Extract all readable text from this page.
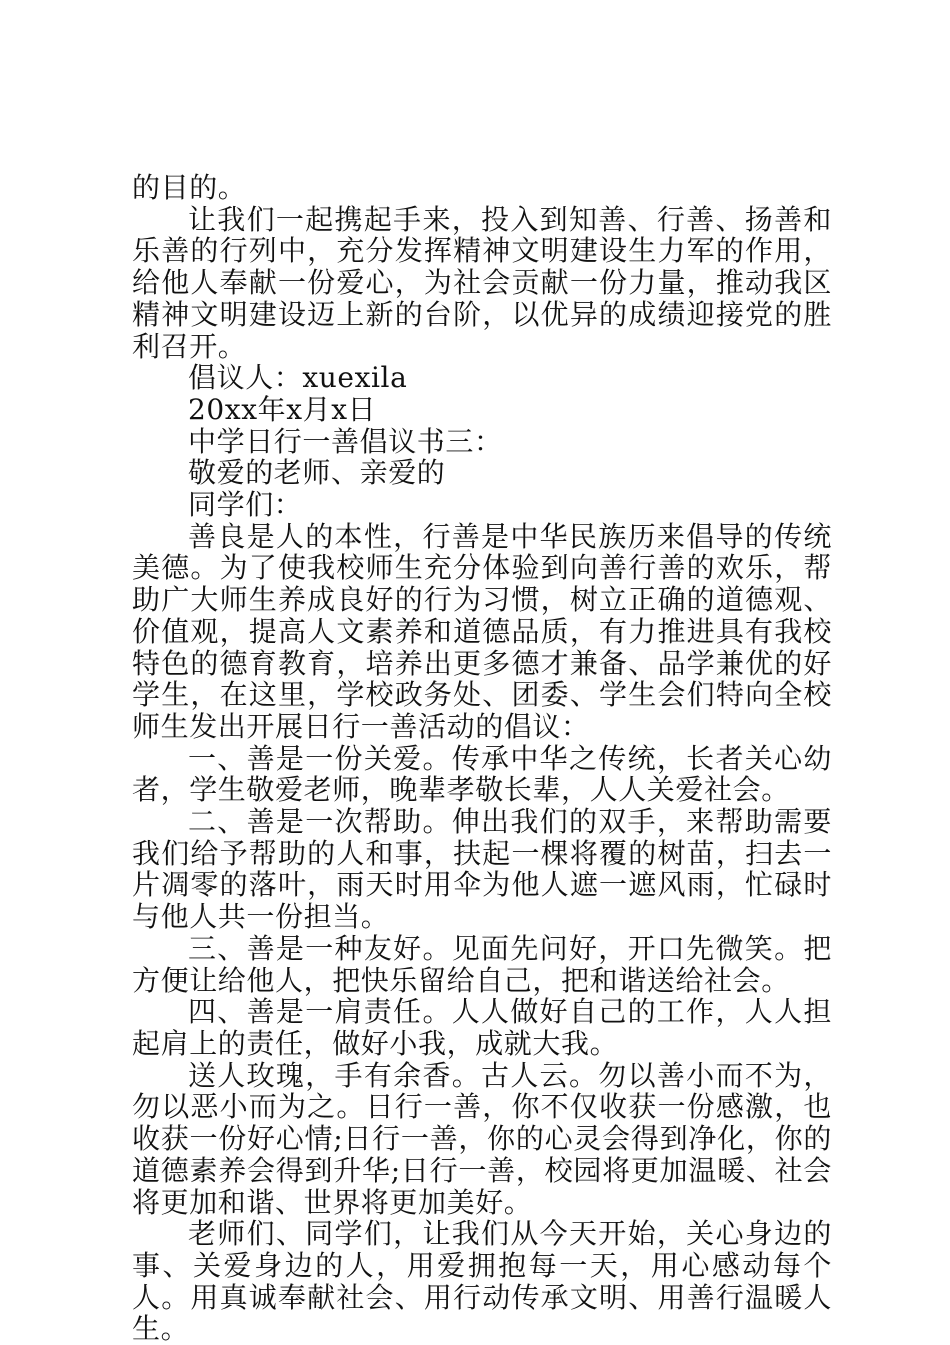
的目的。

让我们一起携起手来，投入到知善、行善、扬善和乐善的行列中，充分发挥精神文明建设生力军的作用，给他人奉献一份爱心，为社会贡献一份力量，推动我区精神文明建设迈上新的台阶，以优异的成绩迎接党的胜利召开。

倡议人：xuexila

20xx年x月x日

中学日行一善倡议书三：

敬爱的老师、亲爱的

同学们：

善良是人的本性，行善是中华民族历来倡导的传统美德。为了使我校师生充分体验到向善行善的欢乐，帮助广大师生养成良好的行为习惯，树立正确的道德观、价值观，提高人文素养和道德品质，有力推进具有我校特色的德育教育，培养出更多德才兼备、品学兼优的好学生，在这里，学校政务处、团委、学生会们特向全校师生发出开展日行一善活动的倡议：

一、善是一份关爱。传承中华之传统，长者关心幼者，学生敬爱老师，晚辈孝敬长辈，人人关爱社会。

二、善是一次帮助。伸出我们的双手，来帮助需要我们给予帮助的人和事，扶起一棵将覆的树苗，扫去一片凋零的落叶，雨天时用伞为他人遮一遮风雨，忙碌时与他人共一份担当。

三、善是一种友好。见面先问好，开口先微笑。把方便让给他人，把快乐留给自己，把和谐送给社会。

四、善是一肩责任。人人做好自己的工作，人人担起肩上的责任，做好小我，成就大我。

送人玫瑰，手有余香。古人云。勿以善小而不为，勿以恶小而为之。日行一善，你不仅收获一份感激，也收获一份好心情;日行一善，你的心灵会得到净化，你的道德素养会得到升华;日行一善，校园将更加温暖、社会将更加和谐、世界将更加美好。

老师们、同学们，让我们从今天开始，关心身边的事、关爱身边的人，用爱拥抱每一天，用心感动每个人。用真诚奉献社会、用行动传承文明、用善行温暖人生。
